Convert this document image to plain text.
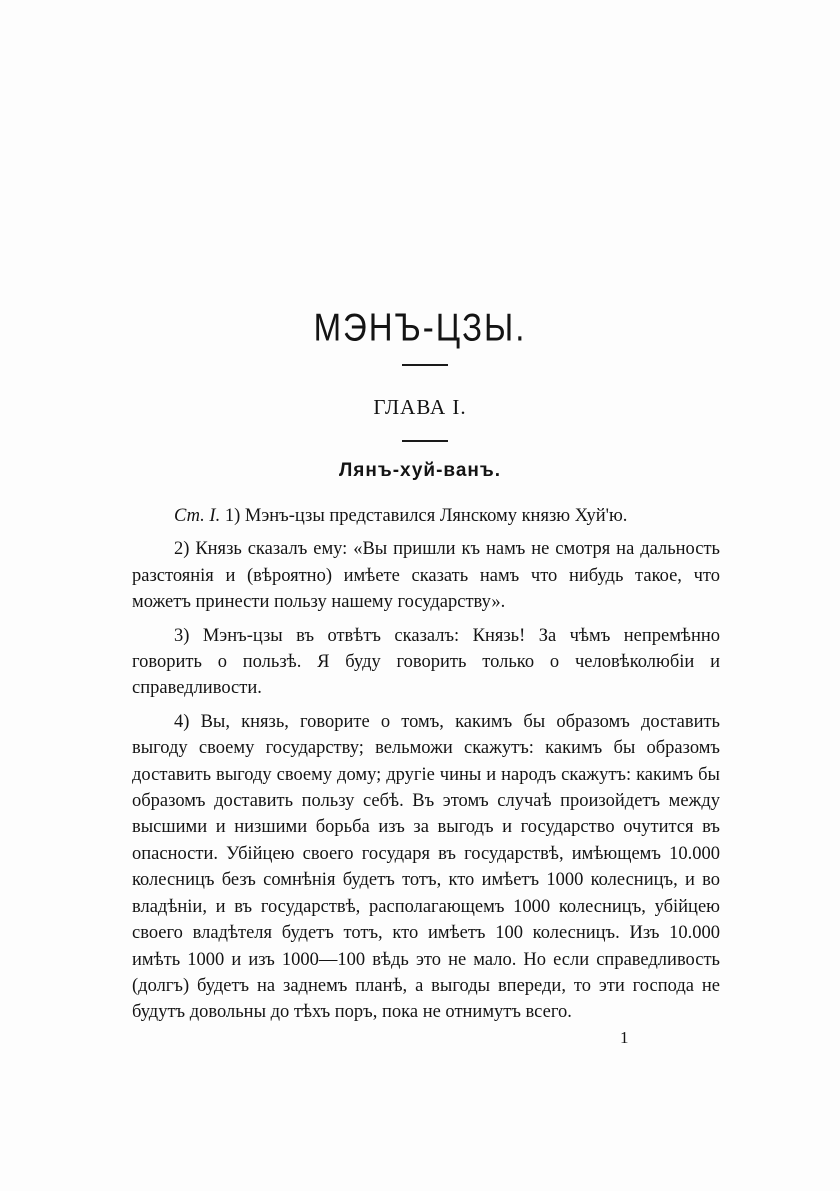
МЭНЪ-ЦЗЫ.
ГЛАВА I.
Лянъ-хуй-ванъ.

Ст. I. 1) Мэнъ-цзы представился Лянскому князю Хуй'ю.

2) Князь сказалъ ему: «Вы пришли къ намъ не смотря на дальность разстоянія и (вѣроятно) имѣете сказать намъ что нибудь такое, что можетъ принести пользу нашему государству».

3) Мэнъ-цзы въ отвѣтъ сказалъ: Князь! За чѣмъ непремѣнно говорить о пользѣ. Я буду говорить только о человѣколюбіи и справедливости.

4) Вы, князь, говорите о томъ, какимъ бы образомъ доставить выгоду своему государству; вельможи скажутъ: какимъ бы образомъ доставить выгоду своему дому; другіе чины и народъ скажутъ: какимъ бы образомъ доставить пользу себѣ. Въ этомъ случаѣ произойдетъ между высшими и низшими борьба изъ за выгодъ и государство очутится въ опасности. Убійцею своего государя въ государствѣ, имѣющемъ 10.000 колесницъ безъ сомнѣнія будетъ тотъ, кто имѣетъ 1000 колесницъ, и во владѣніи, и въ государствѣ, располагающемъ 1000 колесницъ, убійцею своего владѣтеля будетъ тотъ, кто имѣетъ 100 колесницъ. Изъ 10.000 имѣть 1000 и изъ 1000—100 вѣдь это не мало. Но если справедливость (долгъ) будетъ на заднемъ планѣ, а выгоды впереди, то эти господа не будутъ довольны до тѣхъ поръ, пока не отнимутъ всего.

1
